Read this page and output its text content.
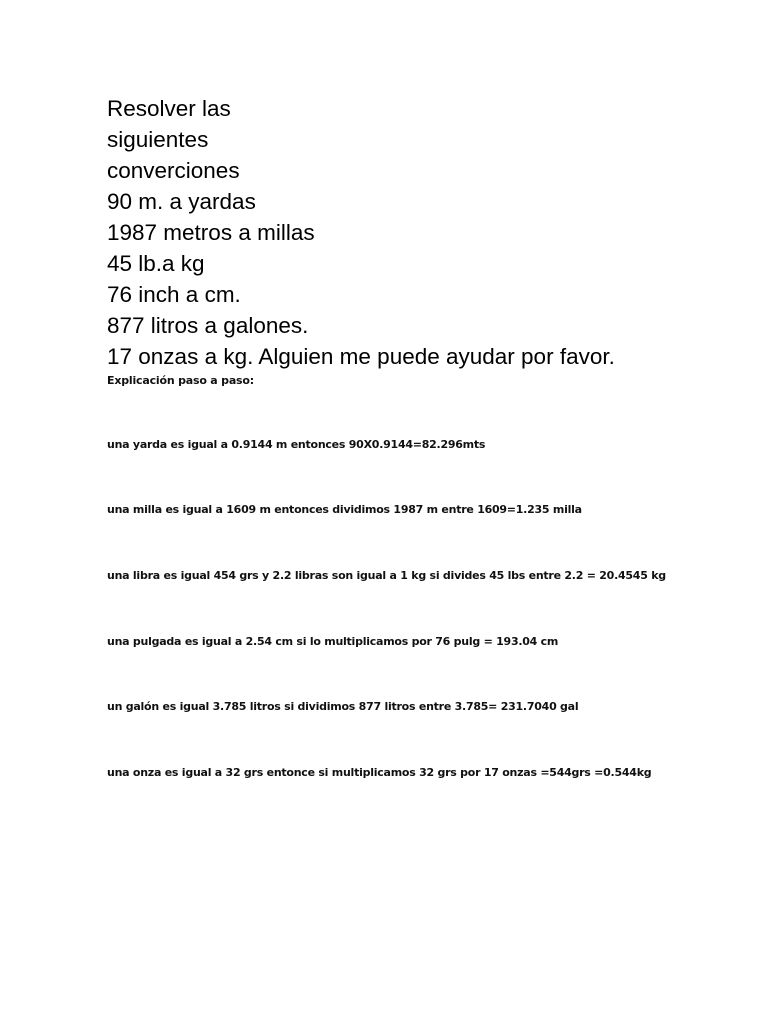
Resolver las
siguientes
converciones
90 m. a yardas
1987 metros a millas
45 lb.a kg
76 inch a cm.
877 litros a galones.
17 onzas a kg. Alguien me puede ayudar por favor.
Explicación paso a paso:
una yarda es igual a 0.9144 m entonces 90X0.9144=82.296mts
una milla es igual a 1609 m entonces dividimos 1987 m entre 1609=1.235 milla
una libra es igual 454 grs y 2.2 libras son igual a 1 kg si divides 45 lbs entre 2.2 = 20.4545 kg
una pulgada es igual a 2.54 cm si lo multiplicamos por 76 pulg = 193.04 cm
un galón es igual 3.785 litros si dividimos 877 litros entre 3.785= 231.7040 gal
una onza es igual a 32 grs entonce si multiplicamos 32 grs por 17 onzas =544grs =0.544kg
